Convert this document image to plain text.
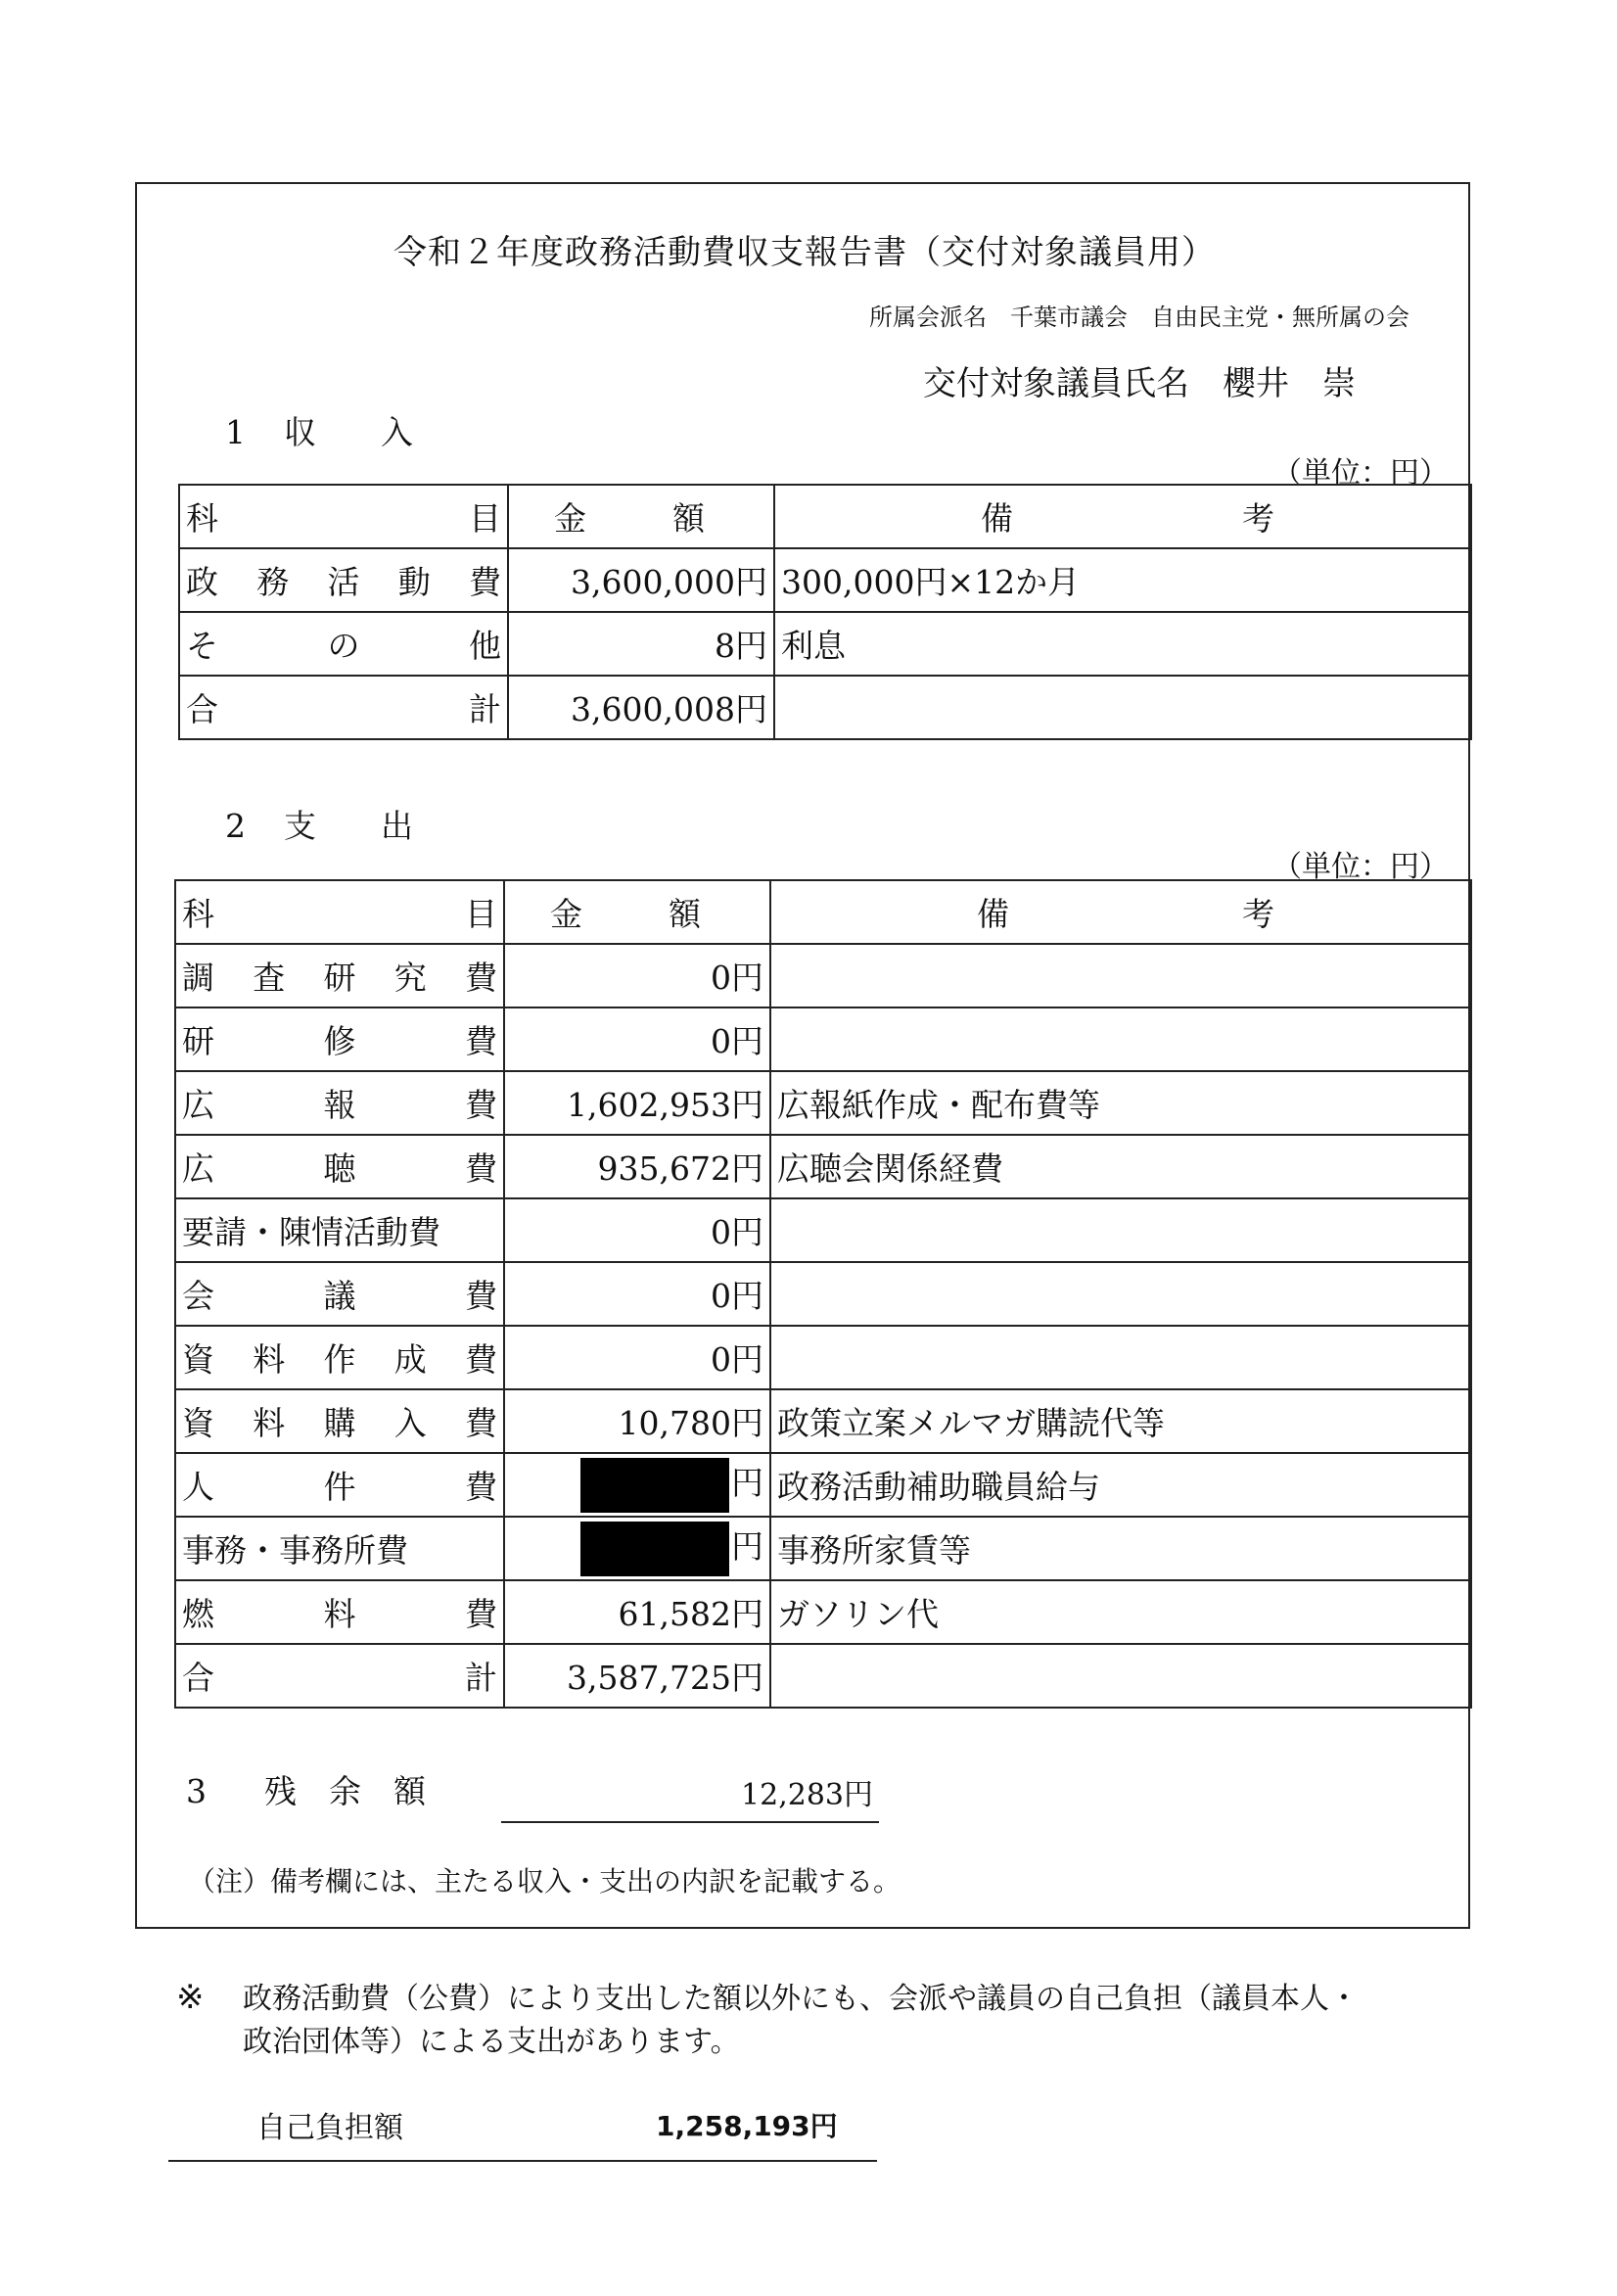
令和２年度政務活動費収支報告書（交付対象議員用）
所属会派名　千葉市議会　自由民主党・無所属の会
交付対象議員氏名　櫻井　崇
1 収　　入
（単位：円）
科 目	金 額	備 考

政 務 活 動 費	3,600,000円	300,000円×12か月

そ の 他	8円	利息

合 計	3,600,008円	
2 支　　出
（単位：円）
科 目	金 額	備 考

調 査 研 究 費	0円	

研 修 費	0円	

広 報 費	1,602,953円	広報紙作成・配布費等

広 聴 費	935,672円	広聴会関係経費

要請・陳情活動費	0円	

会 議 費	0円	

資 料 作 成 費	0円	

資 料 購 入 費	10,780円	政策立案メルマガ購読代等

人 件 費	円	政務活動補助職員給与

事務・事務所費	円	事務所家賃等

燃 料 費	61,582円	ガソリン代

合 計	3,587,725円	
3 残　余　額	12,283円
（注）備考欄には、主たる収入・支出の内訳を記載する。
※ 政務活動費（公費）により支出した額以外にも、会派や議員の自己負担（議員本人・
政治団体等）による支出があります。
自己負担額	1,258,193円
